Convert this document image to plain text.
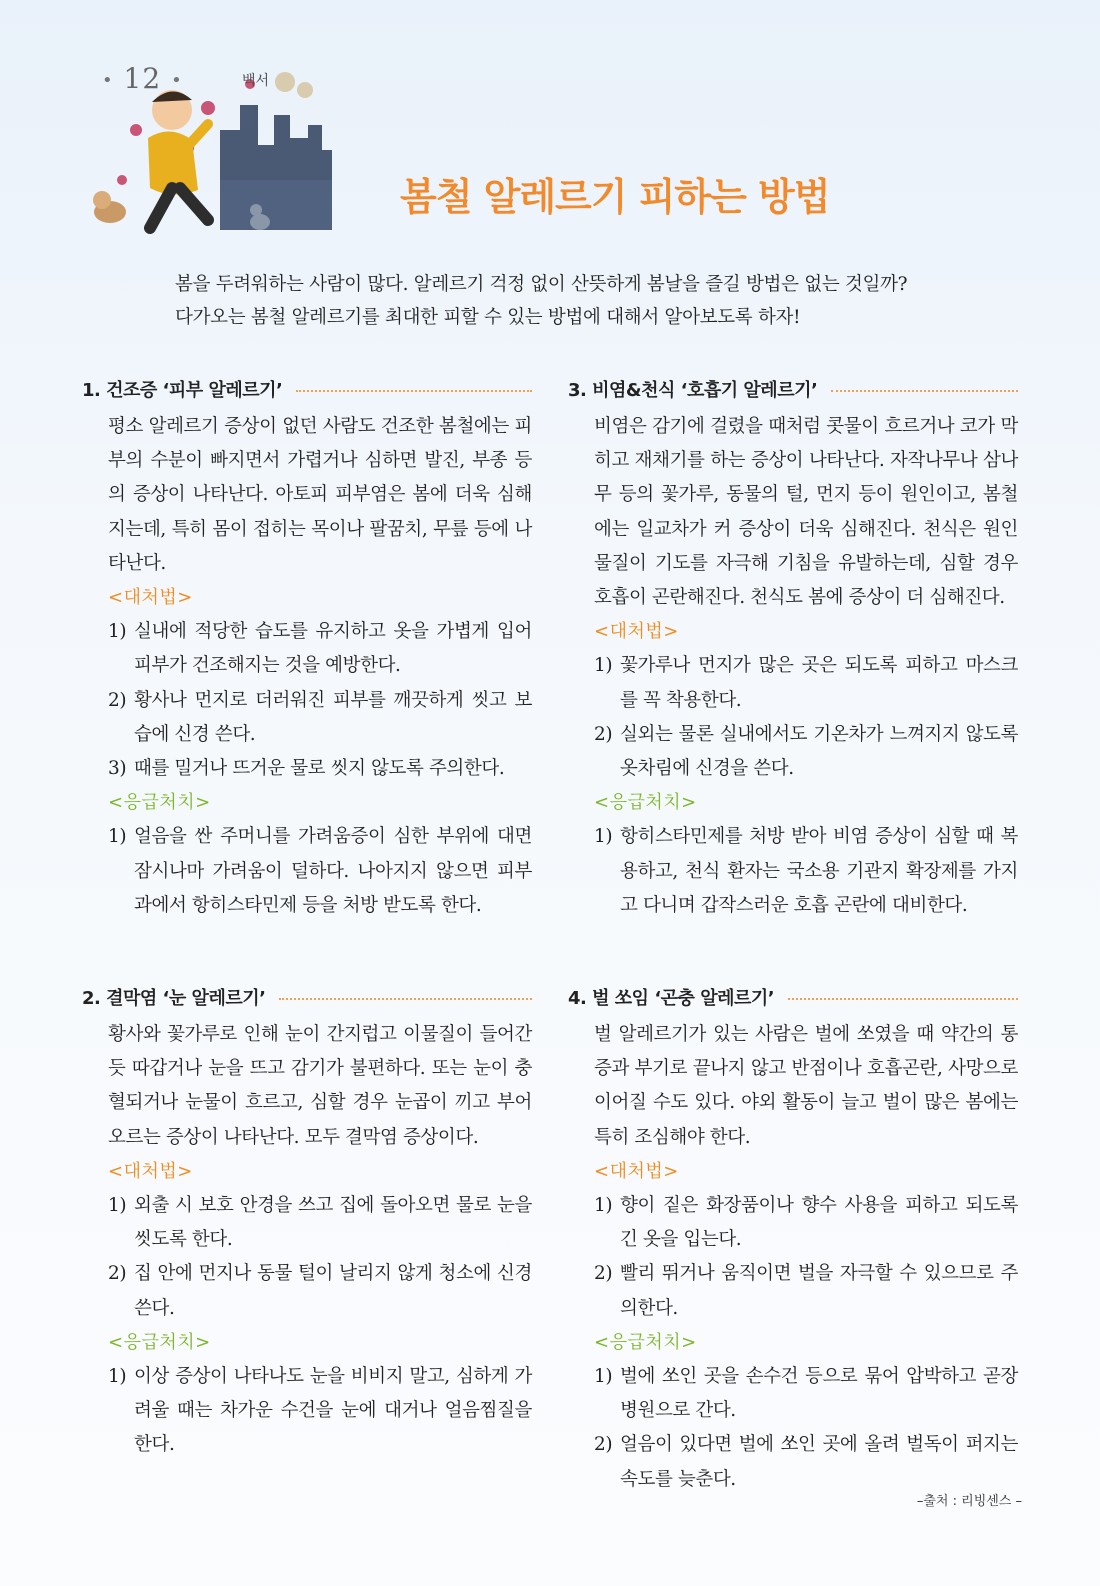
• 12 •	백서
봄철 알레르기 피하는 방법

봄을 두려워하는 사람이 많다. 알레르기 걱정 없이 산뜻하게 봄날을 즐길 방법은 없는 것일까?

다가오는 봄철 알레르기를 최대한 피할 수 있는 방법에 대해서 알아보도록 하자!

1. 건조증 ‘피부 알레르기’

평소 알레르기 증상이 없던 사람도 건조한 봄철에는 피부의 수분이 빠지면서 가렵거나 심하면 발진, 부종 등의 증상이 나타난다. 아토피 피부염은 봄에 더욱 심해지는데, 특히 몸이 접히는 목이나 팔꿈치, 무릎 등에 나타난다.

<대처법>
1) 실내에 적당한 습도를 유지하고 옷을 가볍게 입어 피부가 건조해지는 것을 예방한다.
2) 황사나 먼지로 더러워진 피부를 깨끗하게 씻고 보습에 신경 쓴다.
3) 때를 밀거나 뜨거운 물로 씻지 않도록 주의한다.
<응급처치>
1) 얼음을 싼 주머니를 가려움증이 심한 부위에 대면 잠시나마 가려움이 덜하다. 나아지지 않으면 피부과에서 항히스타민제 등을 처방 받도록 한다.
2. 결막염 ‘눈 알레르기’

황사와 꽃가루로 인해 눈이 간지럽고 이물질이 들어간 듯 따갑거나 눈을 뜨고 감기가 불편하다. 또는 눈이 충혈되거나 눈물이 흐르고, 심할 경우 눈곱이 끼고 부어오르는 증상이 나타난다. 모두 결막염 증상이다.

<대처법>
1) 외출 시 보호 안경을 쓰고 집에 돌아오면 물로 눈을 씻도록 한다.
2) 집 안에 먼지나 동물 털이 날리지 않게 청소에 신경 쓴다.
<응급처치>
1) 이상 증상이 나타나도 눈을 비비지 말고, 심하게 가려울 때는 차가운 수건을 눈에 대거나 얼음찜질을 한다.
3. 비염&천식 ‘호흡기 알레르기’

비염은 감기에 걸렸을 때처럼 콧물이 흐르거나 코가 막히고 재채기를 하는 증상이 나타난다. 자작나무나 삼나무 등의 꽃가루, 동물의 털, 먼지 등이 원인이고, 봄철에는 일교차가 커 증상이 더욱 심해진다. 천식은 원인 물질이 기도를 자극해 기침을 유발하는데, 심할 경우 호흡이 곤란해진다. 천식도 봄에 증상이 더 심해진다.

<대처법>
1) 꽃가루나 먼지가 많은 곳은 되도록 피하고 마스크를 꼭 착용한다.
2) 실외는 물론 실내에서도 기온차가 느껴지지 않도록 옷차림에 신경을 쓴다.
<응급처치>
1) 항히스타민제를 처방 받아 비염 증상이 심할 때 복용하고, 천식 환자는 국소용 기관지 확장제를 가지고 다니며 갑작스러운 호흡 곤란에 대비한다.
4. 벌 쏘임 ‘곤충 알레르기’

벌 알레르기가 있는 사람은 벌에 쏘였을 때 약간의 통증과 부기로 끝나지 않고 반점이나 호흡곤란, 사망으로 이어질 수도 있다. 야외 활동이 늘고 벌이 많은 봄에는 특히 조심해야 한다.

<대처법>
1) 향이 짙은 화장품이나 향수 사용을 피하고 되도록 긴 옷을 입는다.
2) 빨리 뛰거나 움직이면 벌을 자극할 수 있으므로 주의한다.
<응급처치>
1) 벌에 쏘인 곳을 손수건 등으로 묶어 압박하고 곧장 병원으로 간다.
2) 얼음이 있다면 벌에 쏘인 곳에 올려 벌독이 퍼지는 속도를 늦춘다.
–출처 : 리빙센스 –
